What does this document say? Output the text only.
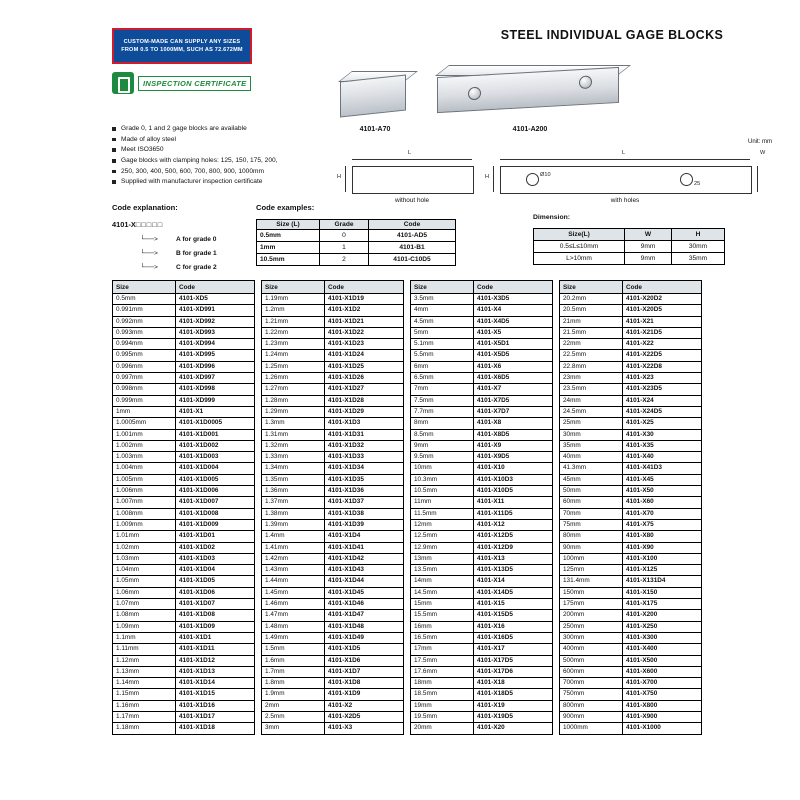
CUSTOM-MADE CAN SUPPLY ANY SIZES FROM 0.5 TO 1000MM, SUCH AS 72.672MM
INSPECTION CERTIFICATE
STEEL INDIVIDUAL GAGE BLOCKS
4101-A70	4101-A200
Unit: mm
L
H
without hole
L
H
W
Ø10
25
with holes
Grade 0, 1 and 2 gage blocks are available
Made of alloy steel
Meet ISO3650
Gage blocks with clamping holes: 125, 150, 175, 200,
250, 300, 400, 500, 600, 700, 800, 900, 1000mm
Supplied with manufacturer inspection certificate
Code explanation:
4101-X□□□□□
└──>	A for grade 0
└──>	B for grade 1
└──>	C for grade 2
Code examples:
Size (L)	Grade	Code
0.5mm	0	4101-AD5
1mm	1	4101-B1
10.5mm	2	4101-C10D5
Dimension:
Size(L)	W	H
0.5≤L≤10mm	9mm	30mm
L>10mm	9mm	35mm
Size	Code
0.5mm	4101-XD5
0.991mm	4101-XD991
0.992mm	4101-XD992
0.993mm	4101-XD993
0.994mm	4101-XD994
0.995mm	4101-XD995
0.996mm	4101-XD996
0.997mm	4101-XD997
0.998mm	4101-XD998
0.999mm	4101-XD999
1mm	4101-X1
1.0005mm	4101-X1D0005
1.001mm	4101-X1D001
1.002mm	4101-X1D002
1.003mm	4101-X1D003
1.004mm	4101-X1D004
1.005mm	4101-X1D005
1.006mm	4101-X1D006
1.007mm	4101-X1D007
1.008mm	4101-X1D008
1.009mm	4101-X1D009
1.01mm	4101-X1D01
1.02mm	4101-X1D02
1.03mm	4101-X1D03
1.04mm	4101-X1D04
1.05mm	4101-X1D05
1.06mm	4101-X1D06
1.07mm	4101-X1D07
1.08mm	4101-X1D08
1.09mm	4101-X1D09
1.1mm	4101-X1D1
1.11mm	4101-X1D11
1.12mm	4101-X1D12
1.13mm	4101-X1D13
1.14mm	4101-X1D14
1.15mm	4101-X1D15
1.16mm	4101-X1D16
1.17mm	4101-X1D17
1.18mm	4101-X1D18
Size	Code
1.19mm	4101-X1D19
1.2mm	4101-X1D2
1.21mm	4101-X1D21
1.22mm	4101-X1D22
1.23mm	4101-X1D23
1.24mm	4101-X1D24
1.25mm	4101-X1D25
1.26mm	4101-X1D26
1.27mm	4101-X1D27
1.28mm	4101-X1D28
1.29mm	4101-X1D29
1.3mm	4101-X1D3
1.31mm	4101-X1D31
1.32mm	4101-X1D32
1.33mm	4101-X1D33
1.34mm	4101-X1D34
1.35mm	4101-X1D35
1.36mm	4101-X1D36
1.37mm	4101-X1D37
1.38mm	4101-X1D38
1.39mm	4101-X1D39
1.4mm	4101-X1D4
1.41mm	4101-X1D41
1.42mm	4101-X1D42
1.43mm	4101-X1D43
1.44mm	4101-X1D44
1.45mm	4101-X1D45
1.46mm	4101-X1D46
1.47mm	4101-X1D47
1.48mm	4101-X1D48
1.49mm	4101-X1D49
1.5mm	4101-X1D5
1.6mm	4101-X1D6
1.7mm	4101-X1D7
1.8mm	4101-X1D8
1.9mm	4101-X1D9
2mm	4101-X2
2.5mm	4101-X2D5
3mm	4101-X3
Size	Code
3.5mm	4101-X3D5
4mm	4101-X4
4.5mm	4101-X4D5
5mm	4101-X5
5.1mm	4101-X5D1
5.5mm	4101-X5D5
6mm	4101-X6
6.5mm	4101-X6D5
7mm	4101-X7
7.5mm	4101-X7D5
7.7mm	4101-X7D7
8mm	4101-X8
8.5mm	4101-X8D5
9mm	4101-X9
9.5mm	4101-X9D5
10mm	4101-X10
10.3mm	4101-X10D3
10.5mm	4101-X10D5
11mm	4101-X11
11.5mm	4101-X11D5
12mm	4101-X12
12.5mm	4101-X12D5
12.9mm	4101-X12D9
13mm	4101-X13
13.5mm	4101-X13D5
14mm	4101-X14
14.5mm	4101-X14D5
15mm	4101-X15
15.5mm	4101-X15D5
16mm	4101-X16
16.5mm	4101-X16D5
17mm	4101-X17
17.5mm	4101-X17D5
17.6mm	4101-X17D6
18mm	4101-X18
18.5mm	4101-X18D5
19mm	4101-X19
19.5mm	4101-X19D5
20mm	4101-X20
Size	Code
20.2mm	4101-X20D2
20.5mm	4101-X20D5
21mm	4101-X21
21.5mm	4101-X21D5
22mm	4101-X22
22.5mm	4101-X22D5
22.8mm	4101-X22D8
23mm	4101-X23
23.5mm	4101-X23D5
24mm	4101-X24
24.5mm	4101-X24D5
25mm	4101-X25
30mm	4101-X30
35mm	4101-X35
40mm	4101-X40
41.3mm	4101-X41D3
45mm	4101-X45
50mm	4101-X50
60mm	4101-X60
70mm	4101-X70
75mm	4101-X75
80mm	4101-X80
90mm	4101-X90
100mm	4101-X100
125mm	4101-X125
131.4mm	4101-X131D4
150mm	4101-X150
175mm	4101-X175
200mm	4101-X200
250mm	4101-X250
300mm	4101-X300
400mm	4101-X400
500mm	4101-X500
600mm	4101-X600
700mm	4101-X700
750mm	4101-X750
800mm	4101-X800
900mm	4101-X900
1000mm	4101-X1000
